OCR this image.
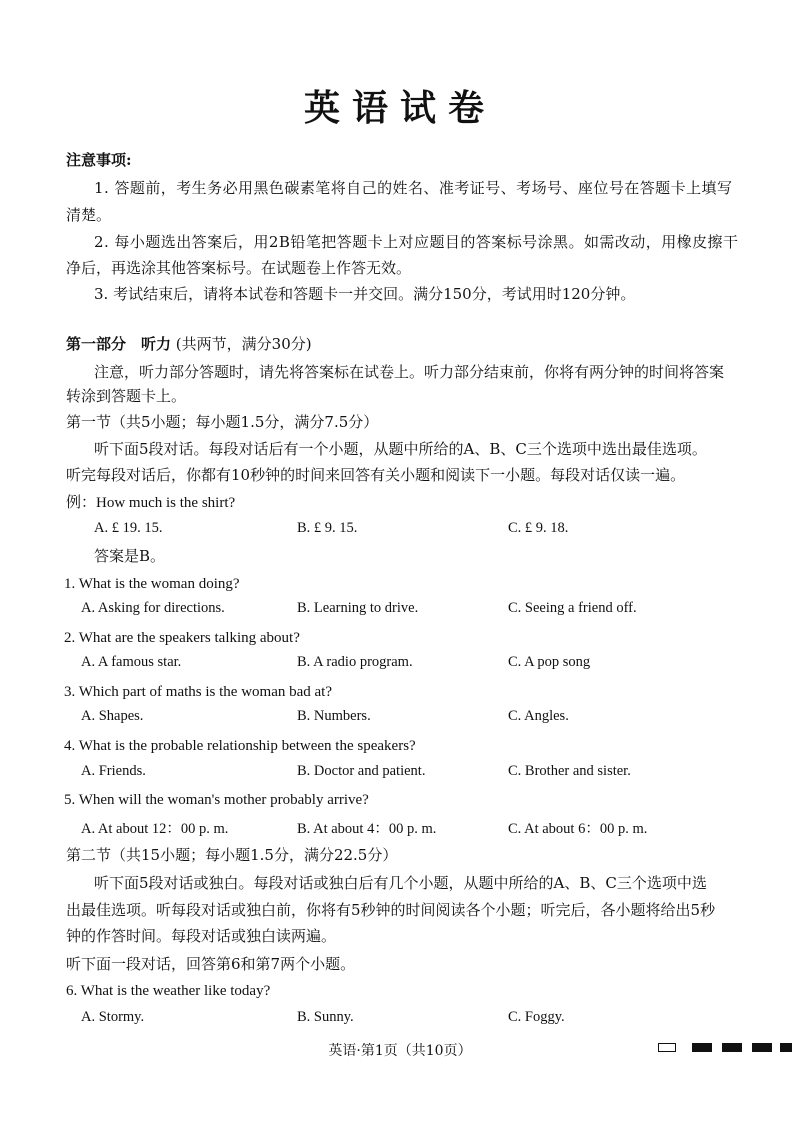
英语试卷
注意事项:
1. 答题前，考生务必用黑色碳素笔将自己的姓名、准考证号、考场号、座位号在答题卡上填写
清楚。
2. 每小题选出答案后，用2B铅笔把答题卡上对应题目的答案标号涂黑。如需改动，用橡皮擦干
净后，再选涂其他答案标号。在试题卷上作答无效。
3. 考试结束后，请将本试卷和答题卡一并交回。满分150分，考试用时120分钟。
第一部分　听力 (共两节，满分30分)
注意，听力部分答题时，请先将答案标在试卷上。听力部分结束前，你将有两分钟的时间将答案
转涂到答题卡上。
第一节（共5小题；每小题1.5分，满分7.5分）
听下面5段对话。每段对话后有一个小题，从题中所给的A、B、C三个选项中选出最佳选项。
听完每段对话后，你都有10秒钟的时间来回答有关小题和阅读下一小题。每段对话仅读一遍。
例：How much is the shirt?
A. £ 19. 15.	B. £ 9. 15.	C. £ 9. 18.
答案是B。
1. What is the woman doing?
A. Asking for directions.	B. Learning to drive.	C. Seeing a friend off.
2. What are the speakers talking about?
A. A famous star.	B. A radio program.	C. A pop song
3. Which part of maths is the woman bad at?
A. Shapes.	B. Numbers.	C. Angles.
4. What is the probable relationship between the speakers?
A. Friends.	B. Doctor and patient.	C. Brother and sister.
5. When will the woman's mother probably arrive?
A. At about 12：00 p. m.	B. At about 4：00 p. m.	C. At about 6：00 p. m.
第二节（共15小题；每小题1.5分，满分22.5分）
听下面5段对话或独白。每段对话或独白后有几个小题，从题中所给的A、B、C三个选项中选
出最佳选项。听每段对话或独白前，你将有5秒钟的时间阅读各个小题；听完后，各小题将给出5秒
钟的作答时间。每段对话或独白读两遍。
听下面一段对话，回答第6和第7两个小题。
6. What is the weather like today?
A. Stormy.	B. Sunny.	C. Foggy.
英语·第1页（共10页）
